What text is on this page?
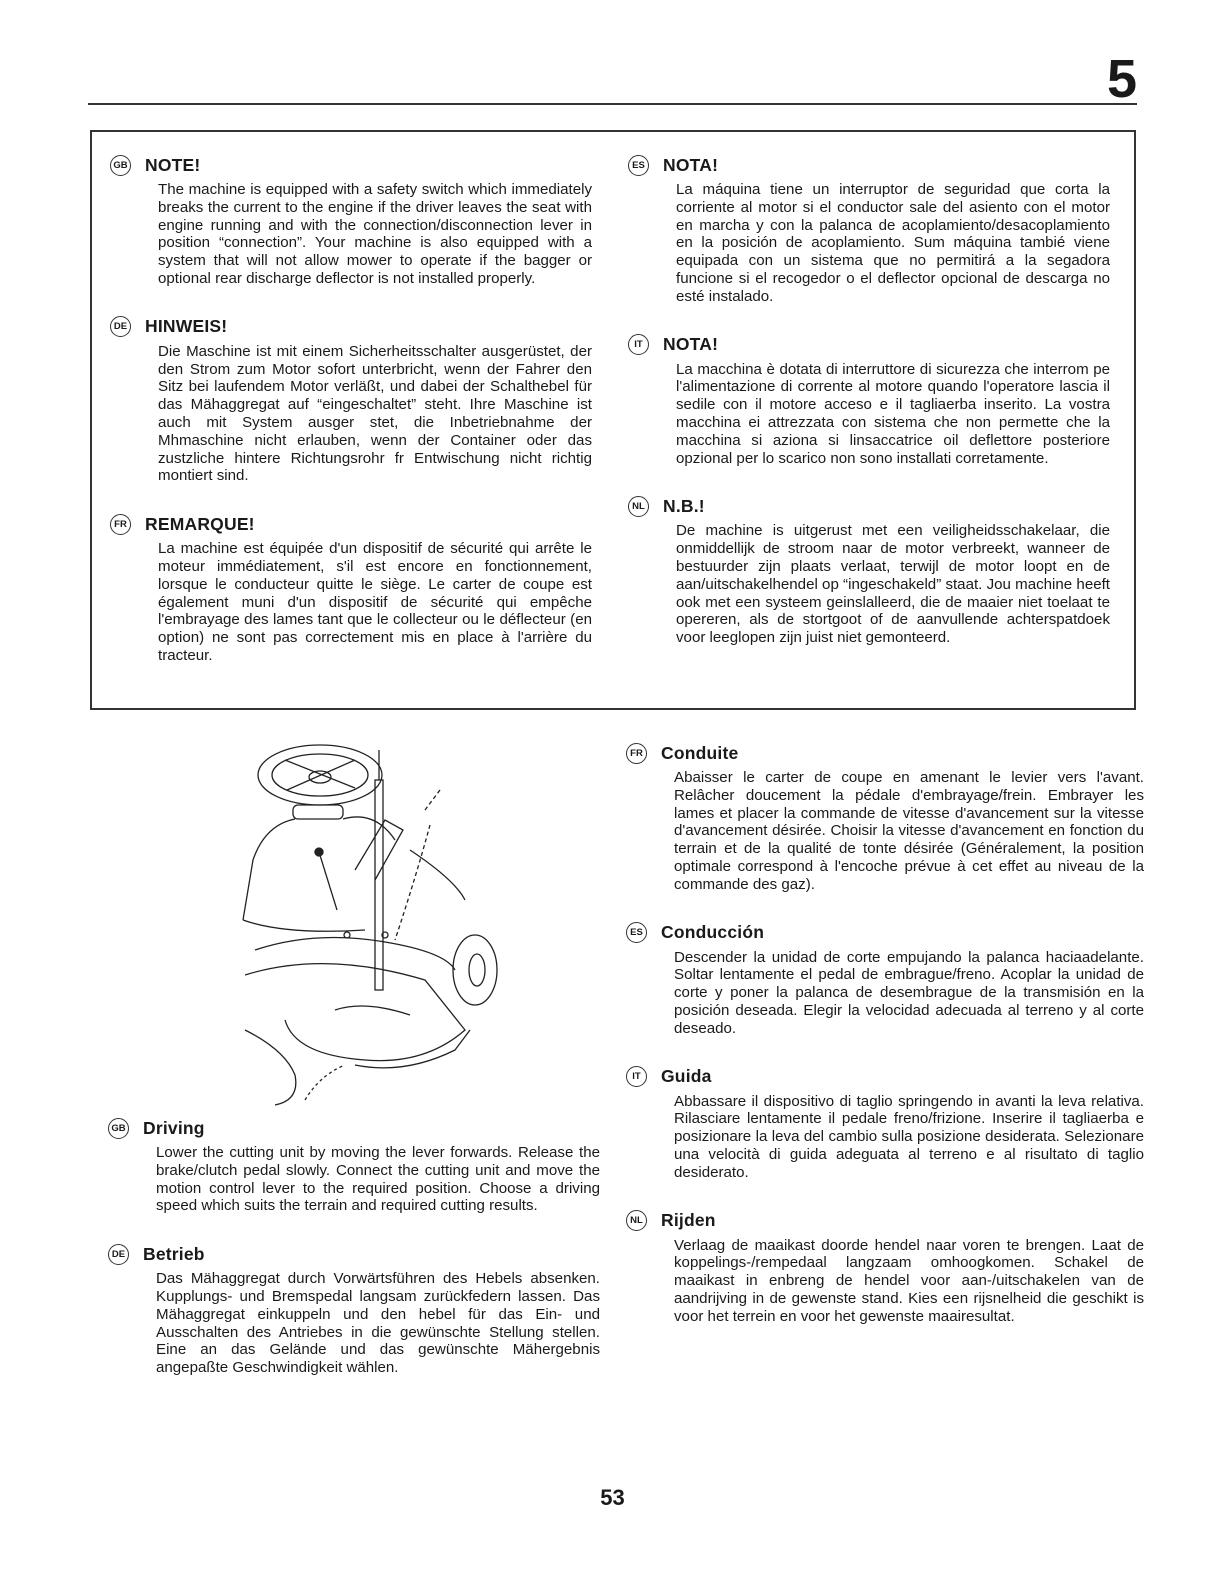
5
GB NOTE!
The machine is equipped with a safety switch which immediately breaks the current to the engine if the driver leaves the seat with engine running and with the connection/disconnection lever in position “connection”. Your machine is also equipped with a system that will not allow mower to operate if the bagger or optional rear discharge deflector is not installed properly.
DE HINWEIS!
Die Maschine ist mit einem Sicherheitsschalter ausgerüstet, der den Strom zum Motor sofort unterbricht, wenn der Fahrer den Sitz bei laufendem Motor verläßt, und dabei der Schalthebel für das Mähaggregat auf “eingeschaltet” steht. Ihre Maschine ist auch mit System ausger stet, die Inbetriebnahme der Mhmaschine nicht erlauben, wenn der Container oder das zustzliche hintere Richtungsrohr fr Entwischung nicht richtig montiert sind.
FR REMARQUE!
La machine est équipée d'un dispositif de sécurité qui arrête le moteur immédiatement, s'il est encore en fonctionnement, lorsque le conducteur quitte le siège. Le carter de coupe est également muni d'un dispositif de sécurité qui empêche l'embrayage des lames tant que le collecteur ou le déflecteur (en option) ne sont pas correctement mis en place à l'arrière du tracteur.
ES NOTA!
La máquina tiene un interruptor de seguridad que corta la corriente al motor si el conductor sale del asiento con el motor en marcha y con la palanca de acoplamiento/desacoplamiento en la posición de acoplamiento. Sum máquina tambié viene equipada con un sistema que no permitirá a la segadora funcione si el recogedor o el deflector opcional de descarga no esté instalado.
IT	NOTA!
La macchina è dotata di interruttore di sicurezza che interrom pe l'alimentazione di corrente al motore quando l'operatore lascia il sedile con il motore acceso e il tagliaerba inserito. La vostra macchina ei attrezzata con sistema che non permette che la macchina si aziona si linsaccatrice oil deflettore posteriore opzional per lo scarico non sono installati corretamente.
NL N.B.!
De machine is uitgerust met een veiligheidsschakelaar, die onmiddellijk de stroom naar de motor verbreekt, wanneer de bestuurder zijn plaats verlaat, terwijl de motor loopt en de aan/uitschakelhendel op “ingeschakeld” staat. Jou machine heeft ook met een systeem geinslalleerd, die de maaier niet toelaat te opereren, als de stortgoot of de aanvullende achterspatdoek voor leeglopen zijn juist niet gemonteerd.
GB Driving
Lower the cutting unit by moving the lever forwards. Release the brake/clutch pedal slowly. Connect the cutting unit and move the motion control lever to the required position. Choose a driving speed which suits the terrain and required cutting results.
DE Betrieb
Das Mähaggregat durch Vorwärtsführen des Hebels absenken. Kupplungs- und Bremspedal langsam zurückfedern lassen. Das Mähaggregat einkuppeln und den hebel für das Ein- und Ausschalten des Antriebes in die gewünschte Stellung stellen. Eine an das Gelände und das gewünschte Mähergebnis angepaßte Geschwindigkeit wählen.
FR Conduite
Abaisser le carter de coupe en amenant le levier vers l'avant. Relâcher doucement la pédale d'embrayage/frein. Embrayer les lames et placer la commande de vitesse d'avancement sur la vitesse d'avancement désirée. Choisir la vitesse d'avancement en fonction du terrain et de la qualité de tonte désirée (Généralement, la position optimale correspond à l'encoche prévue à cet effet au niveau de la commande des gaz).
ES Conducción
Descender la unidad de corte empujando la palanca haciaadelante. Soltar lentamente el pedal de embrague/freno. Acoplar la unidad de corte y poner la palanca de desembrague de la transmisión en la posición deseada. Elegir la velocidad adecuada al terreno y al corte deseado.
IT	Guida
Abbassare il dispositivo di taglio springendo in avanti la leva relativa. Rilasciare lentamente il pedale freno/frizione. Inserire il tagliaerba e posizionare la leva del cambio sulla posizione desiderata. Selezionare una velocità di guida adeguata al terreno e al risultato di taglio desiderato.
NL Rijden
Verlaag de maaikast doorde hendel naar voren te brengen. Laat de koppelings-/rempedaal langzaam omhoogkomen. Schakel de maaikast in enbreng de hendel voor aan-/uitschakelen van de aandrijving in de gewenste stand. Kies een rijsnelheid die geschikt is voor het terrein en voor het gewenste maairesultat.
53
